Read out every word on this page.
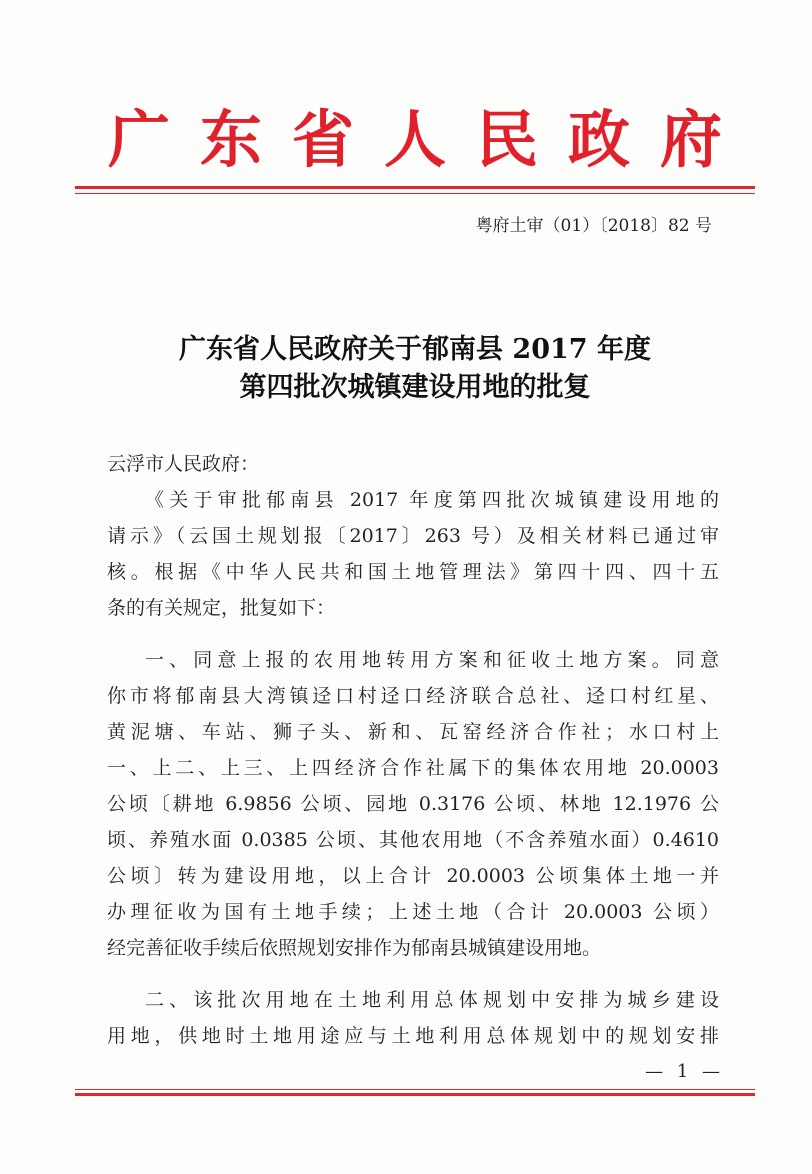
广东省人民政府
粤府土审（01）〔2018〕82 号
广东省人民政府关于郁南县 2017 年度
第四批次城镇建设用地的批复
云浮市人民政府：
《关于审批郁南县 2017 年度第四批次城镇建设用地的
请示》（云国土规划报〔2017〕263 号）及相关材料已通过审
核。根据《中华人民共和国土地管理法》第四十四、四十五
条的有关规定，批复如下：
一、同意上报的农用地转用方案和征收土地方案。同意
你市将郁南县大湾镇迳口村迳口经济联合总社、迳口村红星、
黄泥塘、车站、狮子头、新和、瓦窑经济合作社；水口村上
一、上二、上三、上四经济合作社属下的集体农用地 20.0003
公顷〔耕地 6.9856 公顷、园地 0.3176 公顷、林地 12.1976 公
顷、养殖水面 0.0385 公顷、其他农用地（不含养殖水面）0.4610
公顷〕转为建设用地，以上合计 20.0003 公顷集体土地一并
办理征收为国有土地手续；上述土地（合计 20.0003 公顷）
经完善征收手续后依照规划安排作为郁南县城镇建设用地。
二、该批次用地在土地利用总体规划中安排为城乡建设
用地，供地时土地用途应与土地利用总体规划中的规划安排
— 1 —
